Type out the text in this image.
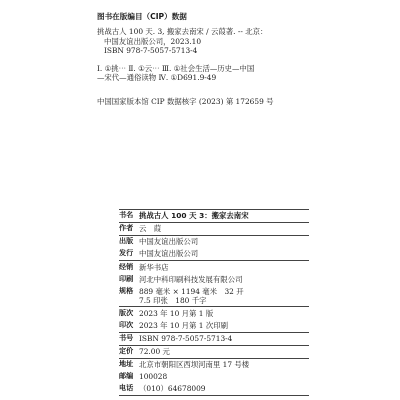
图书在版编目（CIP）数据
挑战古人 100 天. 3, 搬家去南宋 / 云葭著. -- 北京：
中国友谊出版公司，2023.10
ISBN 978-7-5057-5713-4
Ⅰ. ①挑⋯ Ⅱ. ①云⋯ Ⅲ. ①社会生活—历史—中国
—宋代—通俗读物 Ⅳ. ①D691.9-49
中国国家版本馆 CIP 数据核字 (2023) 第 172659 号
书名 挑战古人 100 天 3：搬家去南宋
作者 云　葭
出版 中国友谊出版公司
发行 中国友谊出版公司
经销 新华书店
印刷 河北中科印刷科技发展有限公司
规格 889 毫米 × 1194 毫米　32 开
7.5 印张　180 千字
版次 2023 年 10 月第 1 版
印次 2023 年 10 月第 1 次印刷
书号 ISBN 978-7-5057-5713-4
定价 72.00 元
地址 北京市朝阳区西坝河南里 17 号楼
邮编 100028
电话 （010）64678009
